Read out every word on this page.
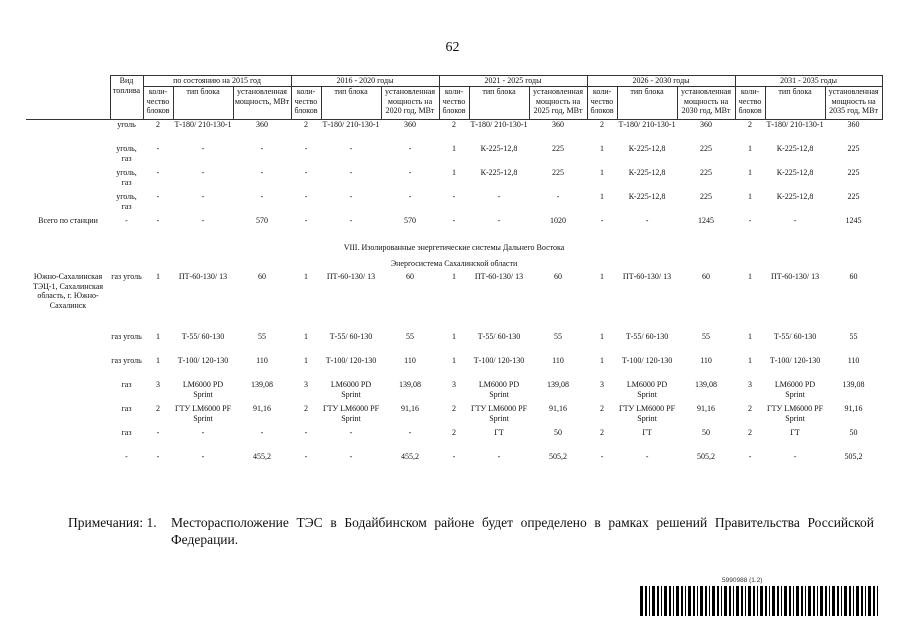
62
	Вид топлива	по состоянию на 2015 год			2016 - 2020 годы			2021 - 2025 годы			2026 - 2030 годы			2031 - 2035 годы		
		коли-чество блоков	тип блока	установленная мощность, МВт	коли-чество блоков	тип блока	установленная мощность на 2020 год, МВт	коли-чество блоков	тип блока	установленная мощность на 2025 год, МВт	коли-чество блоков	тип блока	установленная мощность на 2030 год, МВт	коли-чество блоков	тип блока	установленная мощность на 2035 год, МВт
	уголь	2	Т-180/ 210-130-1	360	2	Т-180/ 210-130-1	360	2	Т-180/ 210-130-1	360	2	Т-180/ 210-130-1	360	2	Т-180/ 210-130-1	360
	уголь, газ	-	-	-	-	-	-	1	К-225-12,8	225	1	К-225-12,8	225	1	К-225-12,8	225
	уголь, газ	-	-	-	-	-	-	1	К-225-12,8	225	1	К-225-12,8	225	1	К-225-12,8	225
	уголь, газ	-	-	-	-	-	-	-	-	-	1	К-225-12,8	225	1	К-225-12,8	225
Всего по станции	-	-	-	570	-	-	570	-	-	1020	-	-	1245	-	-	1245
VIII. Изолированные энергетические системы Дальнего Востока																
Энергосистема Сахалинской области																
Южно-Сахалинская ТЭЦ-1, Сахалинская область, г. Южно-Сахалинск	газ уголь	1	ПТ-60-130/ 13	60	1	ПТ-60-130/ 13	60	1	ПТ-60-130/ 13	60	1	ПТ-60-130/ 13	60	1	ПТ-60-130/ 13	60
	газ уголь	1	Т-55/ 60-130	55	1	Т-55/ 60-130	55	1	Т-55/ 60-130	55	1	Т-55/ 60-130	55	1	Т-55/ 60-130	55
	газ уголь	1	Т-100/ 120-130	110	1	Т-100/ 120-130	110	1	Т-100/ 120-130	110	1	Т-100/ 120-130	110	1	Т-100/ 120-130	110
	газ	3	LM6000 PD Sprint	139,08	3	LM6000 PD Sprint	139,08	3	LM6000 PD Sprint	139,08	3	LM6000 PD Sprint	139,08	3	LM6000 PD Sprint	139,08
	газ	2	ГТУ LM6000 PF Sprint	91,16	2	ГТУ LM6000 PF Sprint	91,16	2	ГТУ LM6000 PF Sprint	91,16	2	ГТУ LM6000 PF Sprint	91,16	2	ГТУ LM6000 PF Sprint	91,16
	газ	-	-	-	-	-	-	2	ГТ	50	2	ГТ	50	2	ГТ	50
	-	-	-	455,2	-	-	455,2	-	-	505,2	-	-	505,2	-	-	505,2
Примечания: 1.	Месторасположение ТЭС в Бодайбинском районе будет определено в рамках решений Правительства Российской Федерации.
5990988 (1.2)
